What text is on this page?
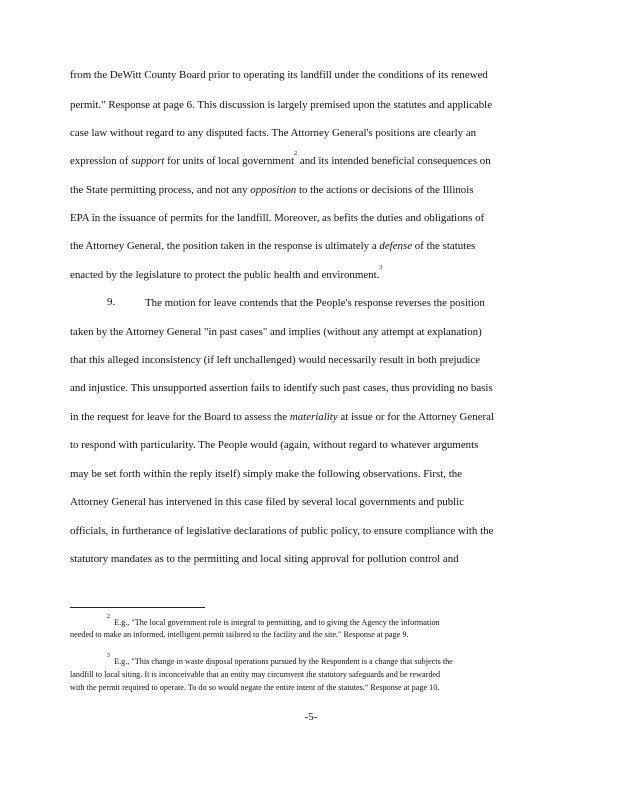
from the DeWitt County Board prior to operating its landfill under the conditions of its renewed
permit." Response at page 6. This discussion is largely premised upon the statutes and applicable
case law without regard to any disputed facts. The Attorney General's positions are clearly an
expression of support for units of local government$^2$ and its intended beneficial consequences on
the State permitting process, and not any opposition to the actions or decisions of the Illinois
EPA in the issuance of permits for the landfill. Moreover, as befits the duties and obligations of
the Attorney General, the position taken in the response is ultimately a defense of the statutes
enacted by the legislature to protect the public health and environment.$^3$
9.	The motion for leave contends that the People's response reverses the position
taken by the Attorney General "in past cases" and implies (without any attempt at explanation)
that this alleged inconsistency (if left unchallenged) would necessarily result in both prejudice
and injustice. This unsupported assertion fails to identify such past cases, thus providing no basis
in the request for leave for the Board to assess the materiality at issue or for the Attorney General
to respond with particularity. The People would (again, without regard to whatever arguments
may be set forth within the reply itself) simply make the following observations. First, the
Attorney General has intervened in this case filed by several local governments and public
officials, in furtherance of legislative declarations of public policy, to ensure compliance with the
statutory mandates as to the permitting and local siting approval for pollution control and
$^2$  E.g., "The local government role is integral to permitting, and to giving the Agency the information
needed to make an informed, intelligent permit tailored to the facility and the site." Response at page 9.
$^3$  E.g., "This change in waste disposal operations pursued by the Respondent is a change that subjects the
landfill to local siting. It is inconceivable that an entity may circumvent the statutory safeguards and be rewarded
with the permit required to operate. To do so would negate the entire intent of the statutes." Response at page 10.
-5-
